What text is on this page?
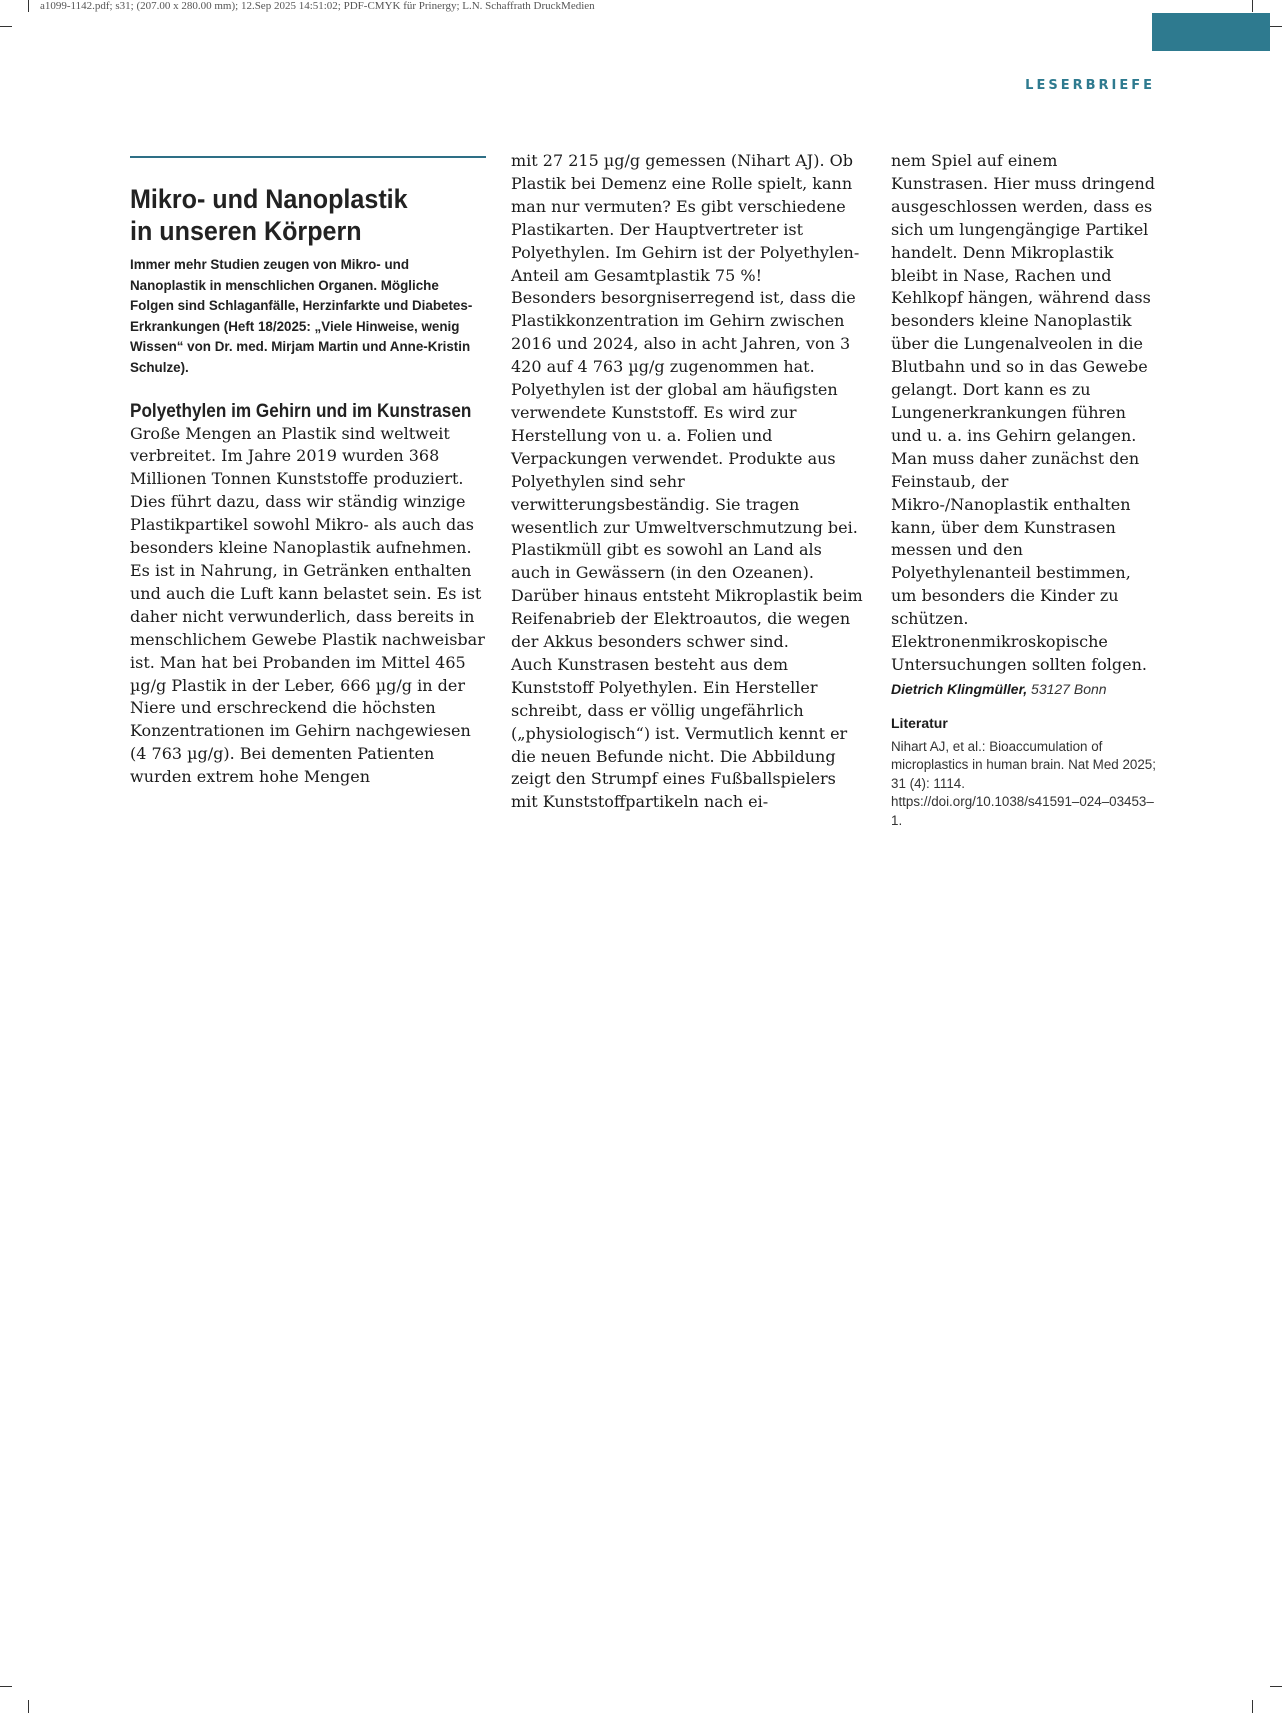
a1099-1142.pdf; s31; (207.00 x 280.00 mm); 12.Sep 2025 14:51:02; PDF-CMYK für Prinergy; L.N. Schaffrath DruckMedien
LESERBRIEFE
Mikro- und Nanoplastik
in unseren Körpern

Immer mehr Studien zeugen von Mikro- und Nanoplastik in menschlichen Organen. Mögliche Folgen sind Schlaganfälle, Herzinfarkte und Diabetes-Erkrankungen (Heft 18/2025: „Viele Hinweise, wenig Wissen“ von Dr. med. Mirjam Martin und Anne-Kristin Schulze).

Polyethylen im Gehirn und im Kunstrasen

Große Mengen an Plastik sind weltweit verbreitet. Im Jahre 2019 wurden 368 Millionen Tonnen Kunststoffe produziert. Dies führt dazu, dass wir ständig winzige Plastikpartikel sowohl Mikro- als auch das besonders kleine Nanoplastik aufnehmen. Es ist in Nahrung, in Getränken enthalten und auch die Luft kann belastet sein. Es ist daher nicht verwunderlich, dass bereits in menschlichem Gewebe Plastik nachweisbar ist. Man hat bei Probanden im Mittel 465 µg/g Plastik in der Leber, 666 µg/g in der Niere und erschreckend die höchsten Konzentrationen im Gehirn nachgewiesen (4 763 µg/g). Bei dementen Patienten wurden extrem hohe Mengen

mit 27 215 µg/g gemessen (Nihart AJ). Ob Plastik bei Demenz eine Rolle spielt, kann man nur vermuten? Es gibt verschiedene Plastikarten. Der Hauptvertreter ist Polyethylen. Im Gehirn ist der Polyethylen-Anteil am Gesamtplastik 75 %!

Besonders besorgniserregend ist, dass die Plastikkonzentration im Gehirn zwischen 2016 und 2024, also in acht Jahren, von 3 420 auf 4 763 µg/g zugenommen hat.

Polyethylen ist der global am häufigsten verwendete Kunststoff. Es wird zur Herstellung von u. a. Folien und Verpackungen verwendet. Produkte aus Polyethylen sind sehr verwitterungsbeständig. Sie tragen wesentlich zur Umweltverschmutzung bei. Plastikmüll gibt es sowohl an Land als auch in Gewässern (in den Ozeanen). Darüber hinaus entsteht Mikroplastik beim Reifenabrieb der Elektroautos, die wegen der Akkus besonders schwer sind.

Auch Kunstrasen besteht aus dem Kunststoff Polyethylen. Ein Hersteller schreibt, dass er völlig ungefährlich („physiologisch“) ist. Vermutlich kennt er die neuen Befunde nicht. Die Abbildung zeigt den Strumpf eines Fußballspielers mit Kunststoffpartikeln nach ei-

nem Spiel auf einem Kunstrasen. Hier muss dringend ausgeschlossen werden, dass es sich um lungengängige Partikel handelt. Denn Mikroplastik bleibt in Nase, Rachen und Kehlkopf hängen, während dass besonders kleine Nanoplastik über die Lungenalveolen in die Blutbahn und so in das Gewebe gelangt. Dort kann es zu Lungenerkrankungen führen und u. a. ins Gehirn gelangen. Man muss daher zunächst den Feinstaub, der Mikro-/Nanoplastik enthalten kann, über dem Kunstrasen messen und den Polyethylenanteil bestimmen, um besonders die Kinder zu schützen. Elektronenmikroskopische Untersuchungen sollten folgen.

Dietrich Klingmüller, 53127 Bonn
Literatur
Nihart AJ, et al.: Bioaccumulation of microplastics in human brain. Nat Med 2025; 31 (4): 1114. https://doi.org/10.1038/s41591–024–03453–1.
